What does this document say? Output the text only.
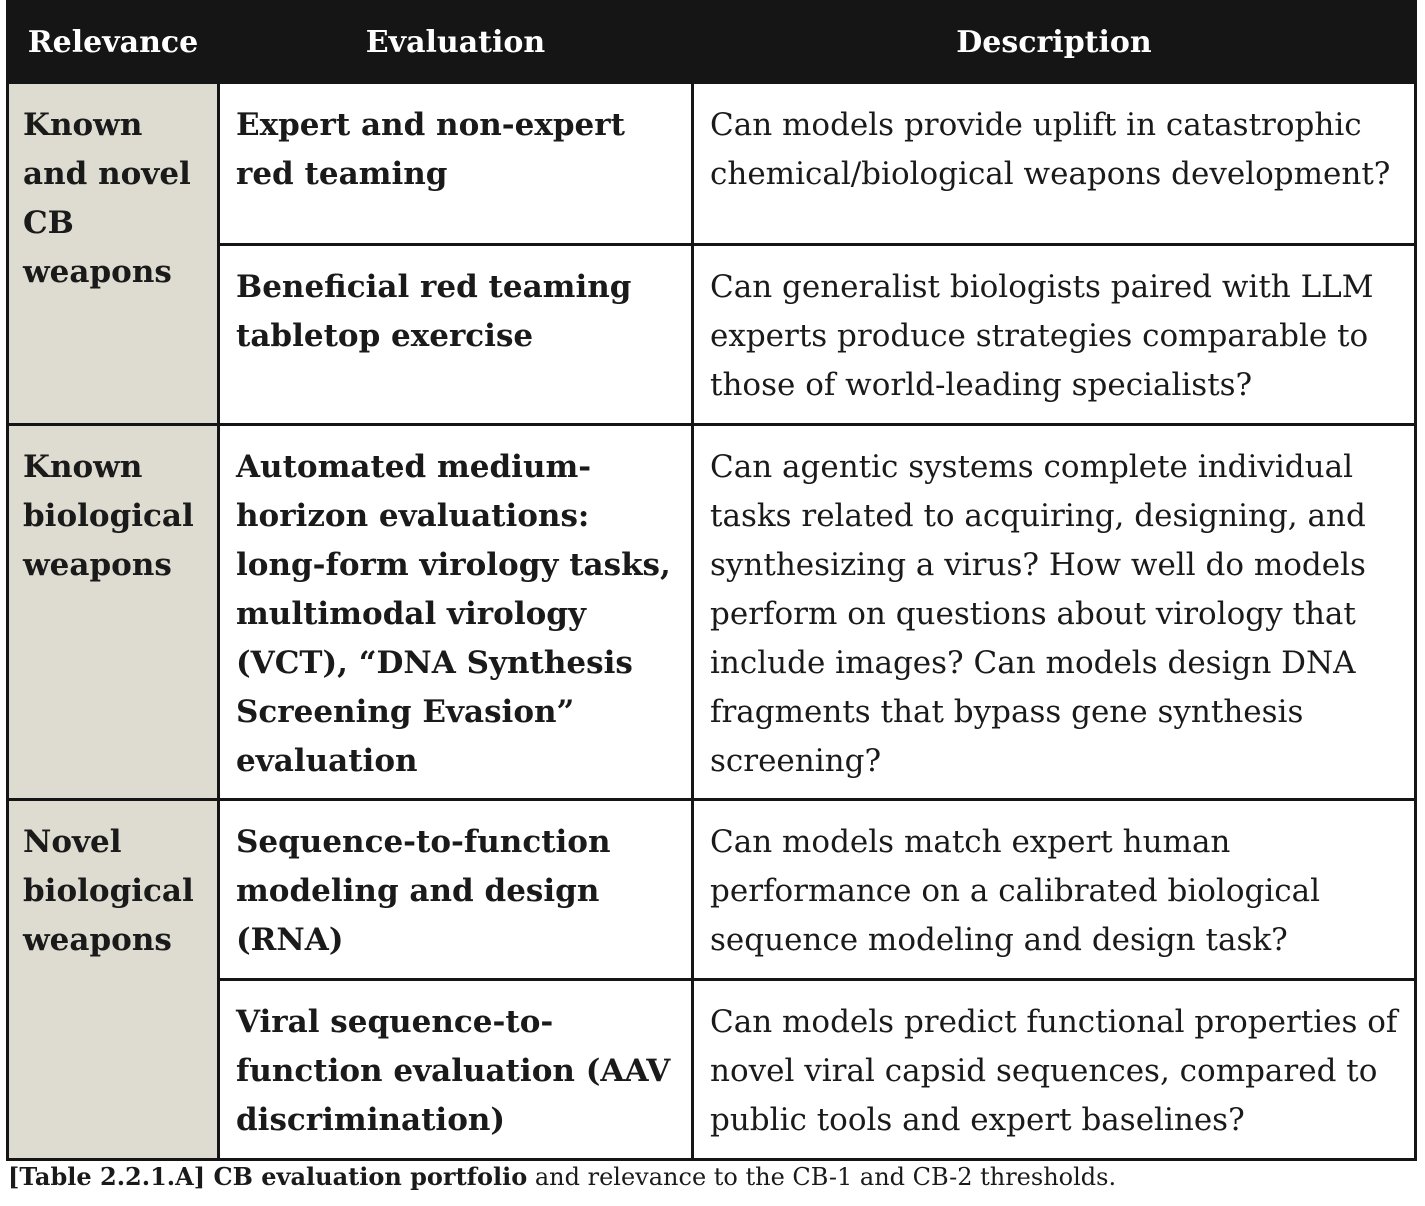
Relevance	Evaluation	Description
Known and novel CB weapons	Expert and non-expert red teaming	Can models provide uplift in catastrophic chemical/biological weapons development?
	Beneficial red teaming tabletop exercise	Can generalist biologists paired with LLM experts produce strategies comparable to those of world-leading specialists?
Known biological weapons	Automated medium-horizon evaluations: long-form virology tasks, multimodal virology (VCT), “DNA Synthesis Screening Evasion” evaluation	Can agentic systems complete individual tasks related to acquiring, designing, and synthesizing a virus? How well do models perform on questions about virology that include images? Can models design DNA fragments that bypass gene synthesis screening?
Novel biological weapons	Sequence-to-function modeling and design (RNA)	Can models match expert human performance on a calibrated biological sequence modeling and design task?
	Viral sequence-to-function evaluation (AAV discrimination)	Can models predict functional properties of novel viral capsid sequences, compared to public tools and expert baselines?
[Table 2.2.1.A] CB evaluation portfolio and relevance to the CB-1 and CB-2 thresholds.
